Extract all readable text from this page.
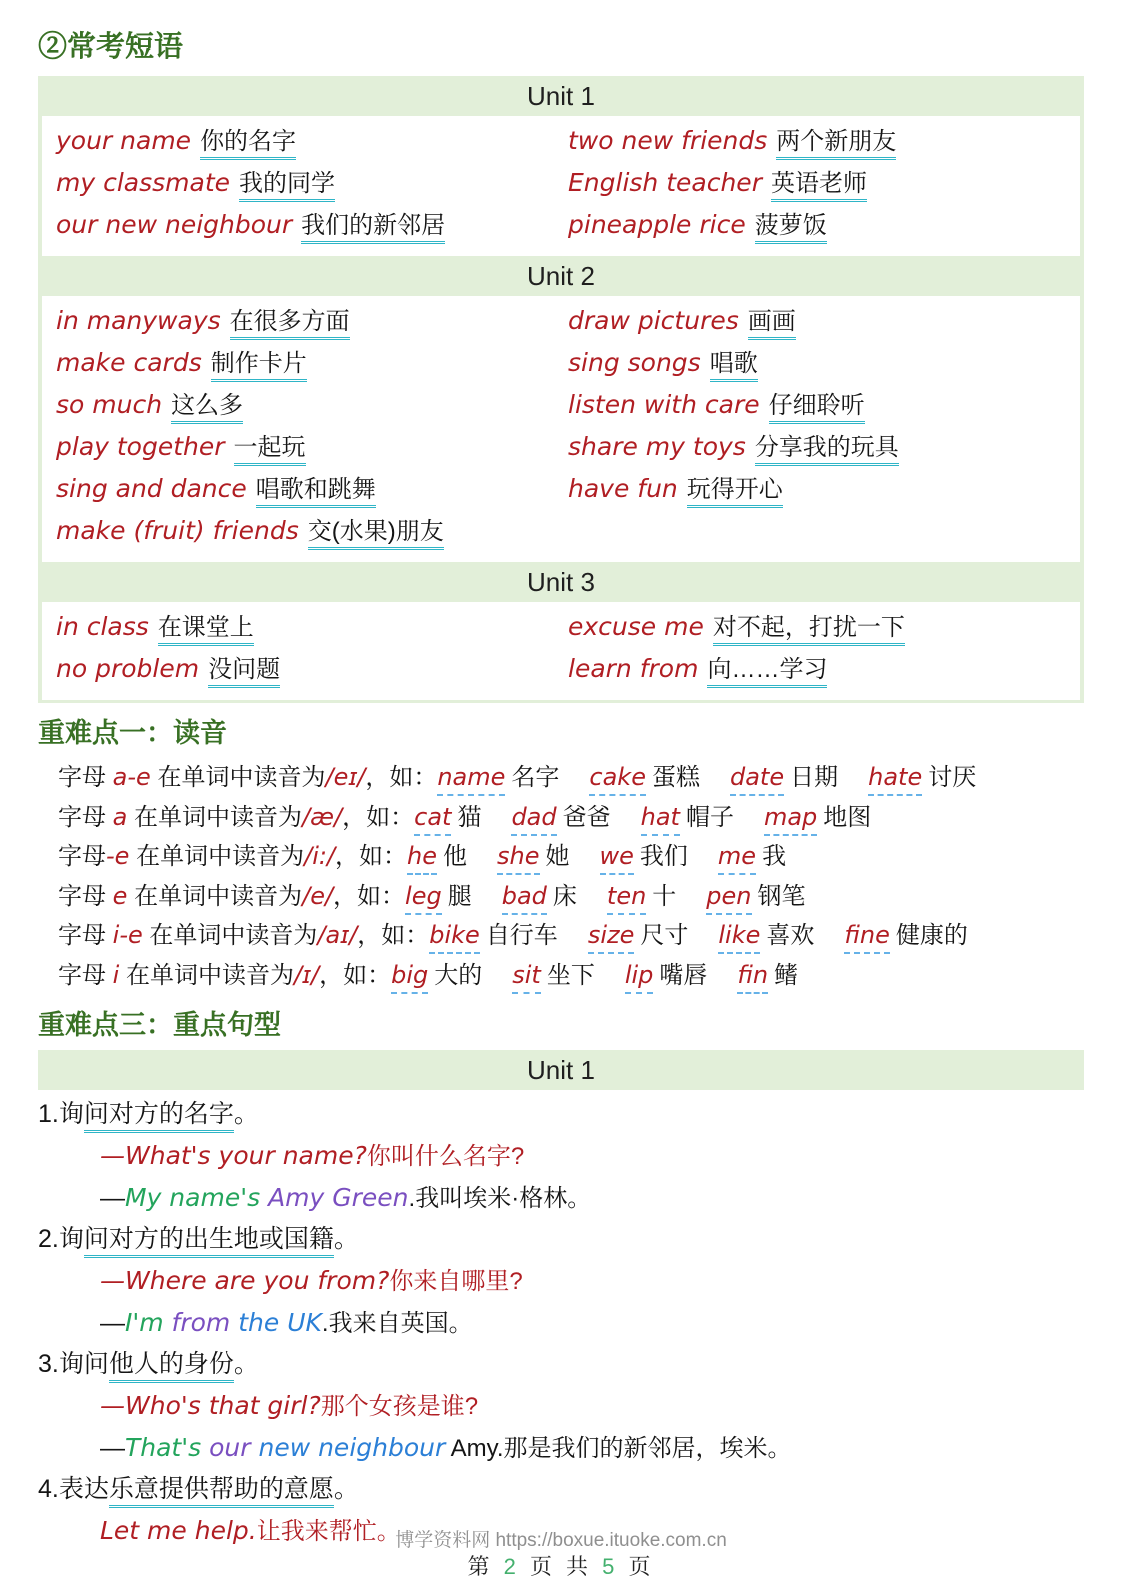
②常考短语
Unit 1
your name 你的名字
my classmate 我的同学
our new neighbour 我们的新邻居
two new friends 两个新朋友
English teacher 英语老师
pineapple rice 菠萝饭
Unit 2
in manyways 在很多方面
make cards 制作卡片
so much 这么多
play together 一起玩
sing and dance 唱歌和跳舞
make (fruit) friends 交(水果)朋友
draw pictures 画画
sing songs 唱歌
listen with care 仔细聆听
share my toys 分享我的玩具
have fun 玩得开心
Unit 3
in class 在课堂上
no problem 没问题
excuse me 对不起，打扰一下
learn from 向……学习
重难点一：读音
字母 a-e 在单词中读音为/eɪ/，如：name 名字 cake 蛋糕 date 日期 hate 讨厌
字母 a 在单词中读音为/æ/，如：cat 猫 dad 爸爸 hat 帽子 map 地图
字母-e 在单词中读音为/i:/，如：he 他 she 她 we 我们 me 我
字母 e 在单词中读音为/e/，如：leg 腿 bad 床 ten 十 pen 钢笔
字母 i-e 在单词中读音为/aɪ/，如：bike 自行车 size 尺寸 like 喜欢 fine 健康的
字母 i 在单词中读音为/ɪ/，如：big 大的 sit 坐下 lip 嘴唇 fin 鳍
重难点三：重点句型
Unit 1
1.询问对方的名字。
—What's your name?你叫什么名字?
—My name's Amy Green.我叫埃米·格林。
2.询问对方的出生地或国籍。
—Where are you from?你来自哪里?
—I'm from the UK.我来自英国。
3.询问他人的身份。
—Who's that girl?那个女孩是谁?
—That's our new neighbour Amy.那是我们的新邻居，埃米。
4.表达乐意提供帮助的意愿。
Let me help.让我来帮忙。
博学资料网 https://boxue.ituoke.com.cn
第 2 页 共 5 页
